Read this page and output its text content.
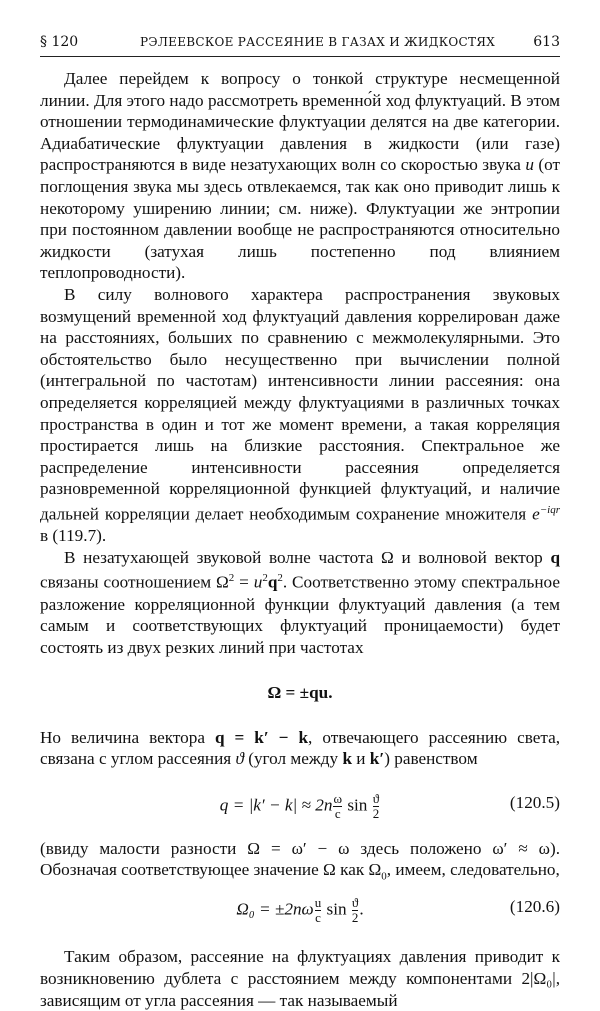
§ 120	РЭЛЕЕВСКОЕ РАССЕЯНИЕ В ГАЗАХ И ЖИДКОСТЯХ	613

Далее перейдем к вопросу о тонкой структуре несмещенной линии. Для этого надо рассмотреть временно́й ход флуктуаций. В этом отношении термодинамические флуктуации делятся на две категории. Адиабатические флуктуации давления в жидкости (или газе) распространяются в виде незатухающих волн со скоростью звука u (от поглощения звука мы здесь отвлекаемся, так как оно приводит лишь к некоторому уширению линии; см. ниже). Флуктуации же энтропии при постоянном давлении вообще не распространяются относительно жидкости (затухая лишь постепенно под влиянием теплопроводности).

В силу волнового характера распространения звуковых возмущений временной ход флуктуаций давления коррелирован даже на расстояниях, больших по сравнению с межмолекулярными. Это обстоятельство было несущественно при вычислении полной (интегральной по частотам) интенсивности линии рассеяния: она определяется корреляцией между флуктуациями в различных точках пространства в один и тот же момент времени, а такая корреляция простирается лишь на близкие расстояния. Спектральное же распределение интенсивности рассеяния определяется разновременной корреляционной функцией флуктуаций, и наличие дальней корреляции делает необходимым сохранение множителя $e^{-iqr}$ в (119.7).

В незатухающей звуковой волне частота Ω и волновой вектор q связаны соотношением $\Omega^2 = u^2q^2$. Соответственно этому спектральное разложение корреляционной функции флуктуаций давления (а тем самым и соответствующих флуктуаций проницаемости) будет состоять из двух резких линий при частотах

Ω = ±qu.

Но величина вектора q = k′ − k, отвечающего рассеянию света, связана с углом рассеяния ϑ (угол между k и k′) равенством

$q = |k' - k| \approx 2n \frac{\omega}{c}$ $\sin \frac{ϑ}{2}$	(120.5)

(ввиду малости разности Ω = ω′ − ω здесь положено ω′ ≈ ω). Обозначая соответствующее значение Ω как $\Omega_0$, имеем, следовательно,

$\Omega_0 = \pm 2n\omega \frac{u}{c}$ $\sin \frac{ϑ}{2}$ .	(120.6)

Таким образом, рассеяние на флуктуациях давления приводит к возникновению дублета с расстоянием между компонентами 2|Ω₀|, зависящим от угла рассеяния — так называемый
